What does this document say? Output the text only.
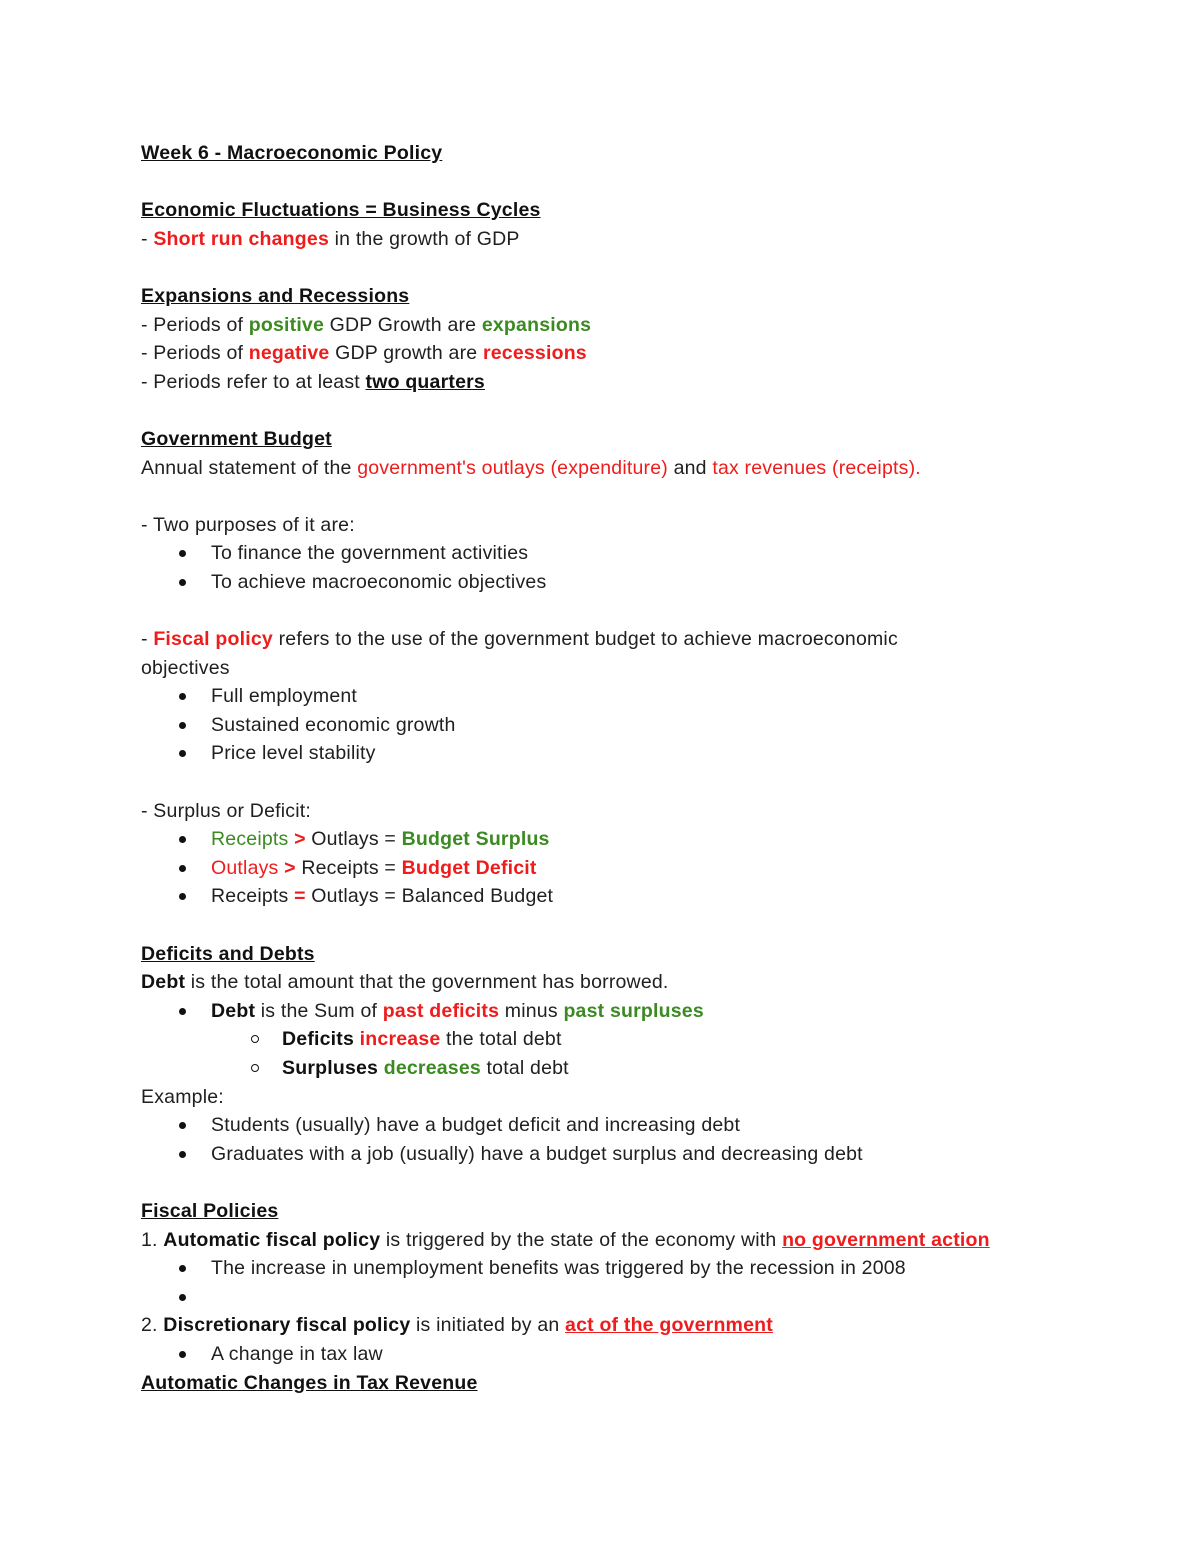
Week 6 - Macroeconomic Policy
Economic Fluctuations = Business Cycles
- Short run changes in the growth of GDP
Expansions and Recessions
- Periods of positive GDP Growth are expansions
- Periods of negative GDP growth are recessions
- Periods refer to at least two quarters
Government Budget
Annual statement of the government's outlays (expenditure) and tax revenues (receipts).
- Two purposes of it are:
To finance the government activities
To achieve macroeconomic objectives
- Fiscal policy refers to the use of the government budget to achieve macroeconomic
objectives
Full employment
Sustained economic growth
Price level stability
- Surplus or Deficit:
Receipts > Outlays = Budget Surplus
Outlays > Receipts = Budget Deficit
Receipts = Outlays = Balanced Budget
Deficits and Debts
Debt is the total amount that the government has borrowed.
Debt is the Sum of past deficits minus past surpluses
Deficits increase the total debt
Surpluses decreases total debt
Example:
Students (usually) have a budget deficit and increasing debt
Graduates with a job (usually) have a budget surplus and decreasing debt
Fiscal Policies
1. Automatic fiscal policy is triggered by the state of the economy with no government action
The increase in unemployment benefits was triggered by the recession in 2008
2. Discretionary fiscal policy is initiated by an act of the government
A change in tax law
Automatic Changes in Tax Revenue
